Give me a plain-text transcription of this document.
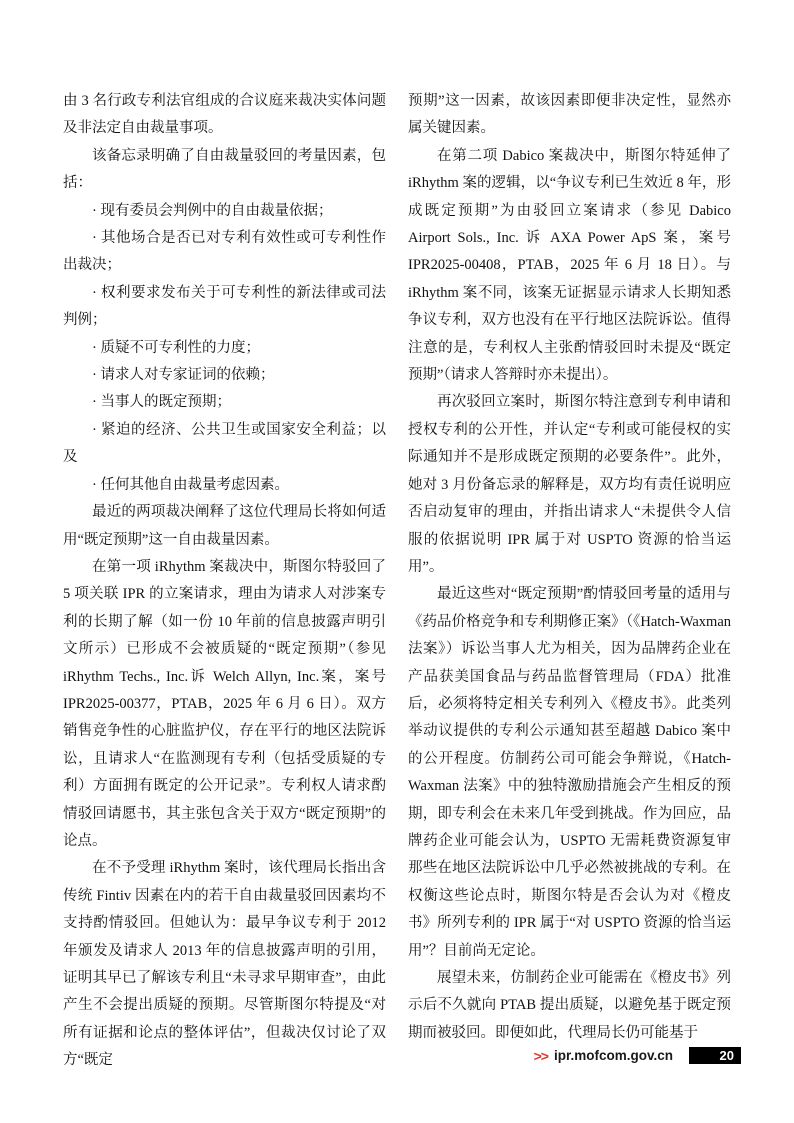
由 3 名行政专利法官组成的合议庭来裁决实体问题及非法定自由裁量事项。

该备忘录明确了自由裁量驳回的考量因素，包括：

· 现有委员会判例中的自由裁量依据；

· 其他场合是否已对专利有效性或可专利性作出裁决；

· 权利要求发布关于可专利性的新法律或司法判例；

· 质疑不可专利性的力度；

· 请求人对专家证词的依赖；

· 当事人的既定预期；

· 紧迫的经济、公共卫生或国家安全利益；以及

· 任何其他自由裁量考虑因素。

最近的两项裁决阐释了这位代理局长将如何适用“既定预期”这一自由裁量因素。

在第一项 iRhythm 案裁决中，斯图尔特驳回了 5 项关联 IPR 的立案请求，理由为请求人对涉案专利的长期了解（如一份 10 年前的信息披露声明引文所示）已形成不会被质疑的“既定预期”（参见 iRhythm Techs., Inc.诉 Welch Allyn, Inc.案，案号 IPR2025-00377，PTAB，2025 年 6 月 6 日）。双方销售竞争性的心脏监护仪，存在平行的地区法院诉讼，且请求人“在监测现有专利（包括受质疑的专利）方面拥有既定的公开记录”。专利权人请求酌情驳回请愿书，其主张包含关于双方“既定预期”的论点。

在不予受理 iRhythm 案时，该代理局长指出含传统 Fintiv 因素在内的若干自由裁量驳回因素均不支持酌情驳回。但她认为：最早争议专利于 2012 年颁发及请求人 2013 年的信息披露声明的引用，证明其早已了解该专利且“未寻求早期审查”，由此产生不会提出质疑的预期。尽管斯图尔特提及“对所有证据和论点的整体评估”，但裁决仅讨论了双方“既定

预期”这一因素，故该因素即便非决定性，显然亦属关键因素。

在第二项 Dabico 案裁决中，斯图尔特延伸了 iRhythm 案的逻辑，以“争议专利已生效近 8 年，形成既定预期”为由驳回立案请求（参见 Dabico Airport Sols., Inc. 诉 AXA Power ApS 案，案号 IPR2025-00408，PTAB，2025 年 6 月 18 日）。与 iRhythm 案不同，该案无证据显示请求人长期知悉争议专利，双方也没有在平行地区法院诉讼。值得注意的是，专利权人主张酌情驳回时未提及“既定预期”（请求人答辩时亦未提出）。

再次驳回立案时，斯图尔特注意到专利申请和授权专利的公开性，并认定“专利或可能侵权的实际通知并不是形成既定预期的必要条件”。此外，她对 3 月份备忘录的解释是，双方均有责任说明应否启动复审的理由，并指出请求人“未提供令人信服的依据说明 IPR 属于对 USPTO 资源的恰当运用”。

最近这些对“既定预期”酌情驳回考量的适用与《药品价格竞争和专利期修正案》（《Hatch-Waxman 法案》）诉讼当事人尤为相关，因为品牌药企业在产品获美国食品与药品监督管理局（FDA）批准后，必须将特定相关专利列入《橙皮书》。此类列举动议提供的专利公示通知甚至超越 Dabico 案中的公开程度。仿制药公司可能会争辩说，《Hatch-Waxman 法案》中的独特激励措施会产生相反的预期，即专利会在未来几年受到挑战。作为回应，品牌药企业可能会认为，USPTO 无需耗费资源复审那些在地区法院诉讼中几乎必然被挑战的专利。在权衡这些论点时，斯图尔特是否会认为对《橙皮书》所列专利的 IPR 属于“对 USPTO 资源的恰当运用”？目前尚无定论。

展望未来，仿制药企业可能需在《橙皮书》列示后不久就向 PTAB 提出质疑，以避免基于既定预期而被驳回。即便如此，代理局长仍可能基于

>> ipr.mofcom.gov.cn	20
